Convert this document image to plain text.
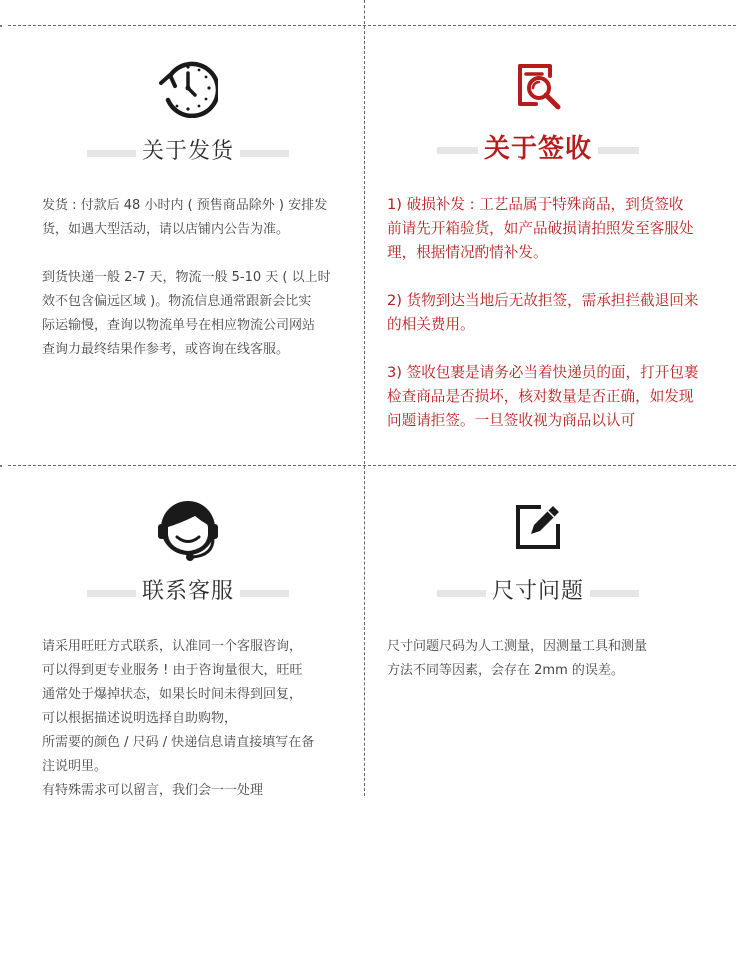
关于发货

发货 : 付款后 48 小时内 ( 预售商品除外 ) 安排发
货，如遇大型活动，请以店铺内公告为准。

到货快递一般 2-7 天，物流一般 5-10 天 ( 以上时
效不包含偏远区域 )。物流信息通常跟新会比实
际运输慢，查询以物流单号在相应物流公司网站
查询力最终结果作参考，或咨询在线客服。

关于签收

1) 破损补发 : 工艺品属于特殊商品，到货签收
前请先开箱验货，如产品破损请拍照发至客服处
理，根据情况酌情补发。

2) 货物到达当地后无故拒签，需承担拦截退回来
的相关费用。

3) 签收包裹是请务必当着快递员的面，打开包裹
检查商品是否损坏，核对数量是否正确，如发现
问题请拒签。一旦签收视为商品以认可

联系客服

请采用旺旺方式联系，认准同一个客服咨询，
可以得到更专业服务 ! 由于咨询量很大，旺旺
通常处于爆掉状态，如果长时间未得到回复，
可以根据描述说明选择自助购物，
所需要的颜色 / 尺码 / 快递信息请直接填写在备
注说明里。
有特殊需求可以留言，我们会一一处理

尺寸问题

尺寸问题尺码为人工测量，因测量工具和测量
方法不同等因素，会存在 2mm 的误差。
